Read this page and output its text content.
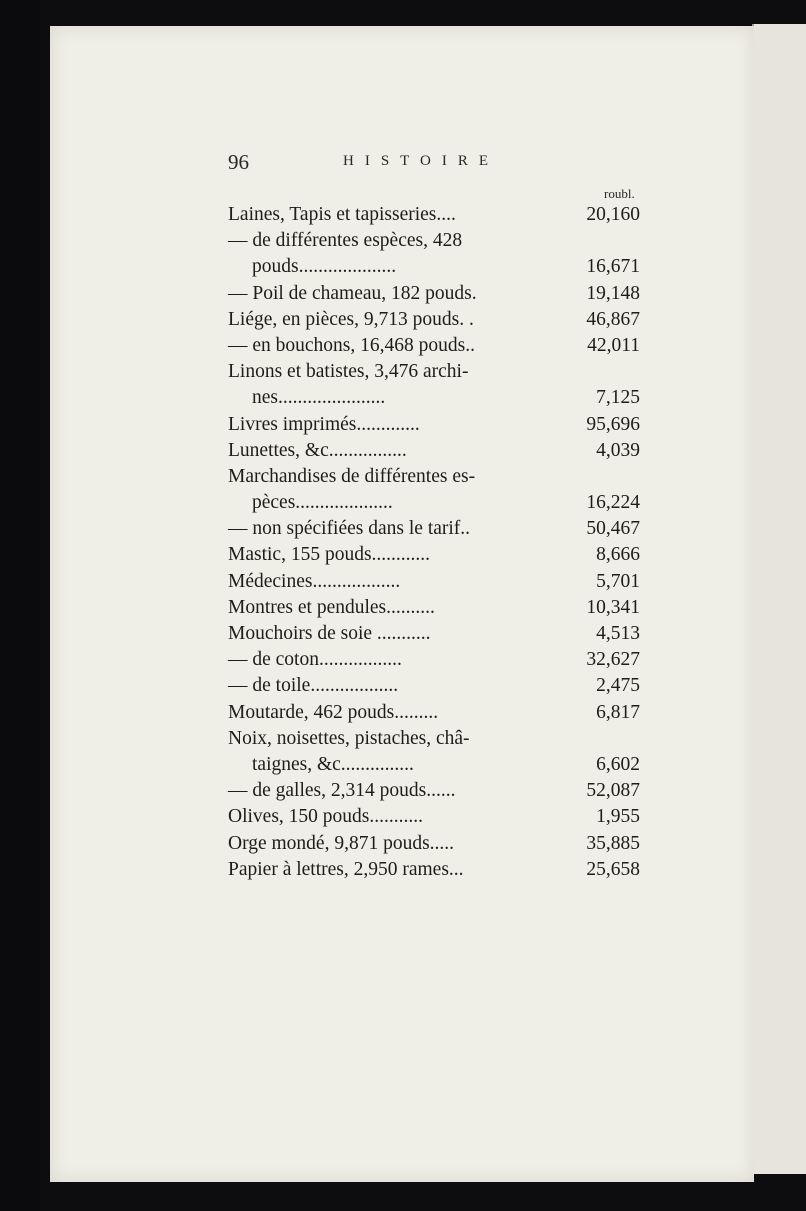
96	HISTOIRE
roubl.
Laines, Tapis et tapisseries....	20,160
— de différentes espèces, 428
pouds....................	16,671
— Poil de chameau, 182 pouds.	19,148
Liége, en pièces, 9,713 pouds. .	46,867
— en bouchons, 16,468 pouds..	42,011
Linons et batistes, 3,476 archi-
nes......................	7,125
Livres imprimés.............	95,696
Lunettes, &c................	4,039
Marchandises de différentes es-
pèces....................	16,224
— non spécifiées dans le tarif..	50,467
Mastic, 155 pouds............	8,666
Médecines..................	5,701
Montres et pendules..........	10,341
Mouchoirs de soie ...........	4,513
— de coton.................	32,627
— de toile..................	2,475
Moutarde, 462 pouds.........	6,817
Noix, noisettes, pistaches, châ-
taignes, &c...............	6,602
— de galles, 2,314 pouds......	52,087
Olives, 150 pouds...........	1,955
Orge mondé, 9,871 pouds.....	35,885
Papier à lettres, 2,950 rames...	25,658
